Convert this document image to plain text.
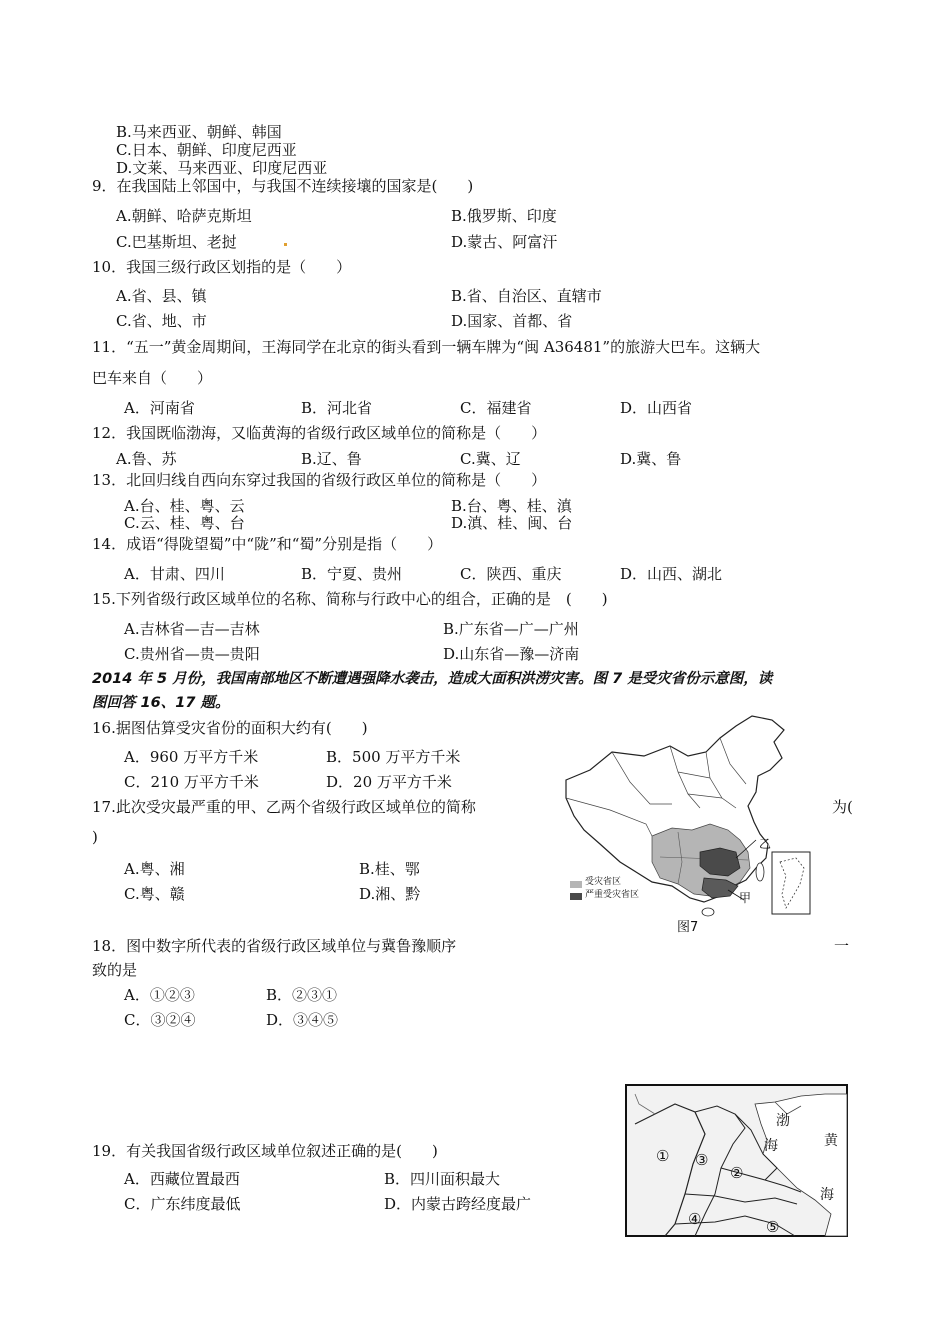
B.马来西亚、朝鲜、韩国
C.日本、朝鲜、印度尼西亚
D.文莱、马来西亚、印度尼西亚
9．在我国陆上邻国中，与我国不连续接壤的国家是(　　)
A.朝鲜、哈萨克斯坦	B.俄罗斯、印度
C.巴基斯坦、老挝	D.蒙古、阿富汗
10．我国三级行政区划指的是（　　）
A.省、县、镇	B.省、自治区、直辖市
C.省、地、市	D.国家、首都、省
11．“五一”黄金周期间，王海同学在北京的街头看到一辆车牌为“闽 A36481”的旅游大巴车。这辆大
巴车来自（　　）
A．河南省	B．河北省	C．福建省	D．山西省
12．我国既临渤海，又临黄海的省级行政区域单位的简称是（　　）
A.鲁、苏	B.辽、鲁	C.冀、辽	D.冀、鲁
13．北回归线自西向东穿过我国的省级行政区单位的简称是（　　）
A.台、桂、粤、云	B.台、粤、桂、滇
C.云、桂、粤、台	D.滇、桂、闽、台
14．成语“得陇望蜀”中“陇”和“蜀”分别是指（　　）
A．甘肃、四川	B．宁夏、贵州	C．陕西、重庆	D．山西、湖北
15.下列省级行政区域单位的名称、简称与行政中心的组合，正确的是　(　　)
A.吉林省—吉—吉林	B.广东省—广—广州
C.贵州省—贵—贵阳	D.山东省—豫—济南
2014 年 5 月份，我国南部地区不断遭遇强降水袭击，造成大面积洪涝灾害。图 7 是受灾省份示意图，读
图回答 16、17 题。
16.据图估算受灾省份的面积大约有(　　)
A．960 万平方千米	B．500 万平方千米
C．210 万平方千米	D．20 万平方千米
17.此次受灾最严重的甲、乙两个省级行政区域单位的简称	为(
)
A.粤、湘	B.桂、鄂
C.粤、赣	D.湘、黔
受灾省区
严重受灾省区
乙
甲
图7
18．图中数字所代表的省级行政区域单位与冀鲁豫顺序	一
致的是
A．①②③	B．②③①
C．③②④	D．③④⑤
渤
海	黄
海
①
②
③
④	⑤
19．有关我国省级行政区域单位叙述正确的是(　　)
A．西藏位置最西	B．四川面积最大
C．广东纬度最低	D．内蒙古跨经度最广
